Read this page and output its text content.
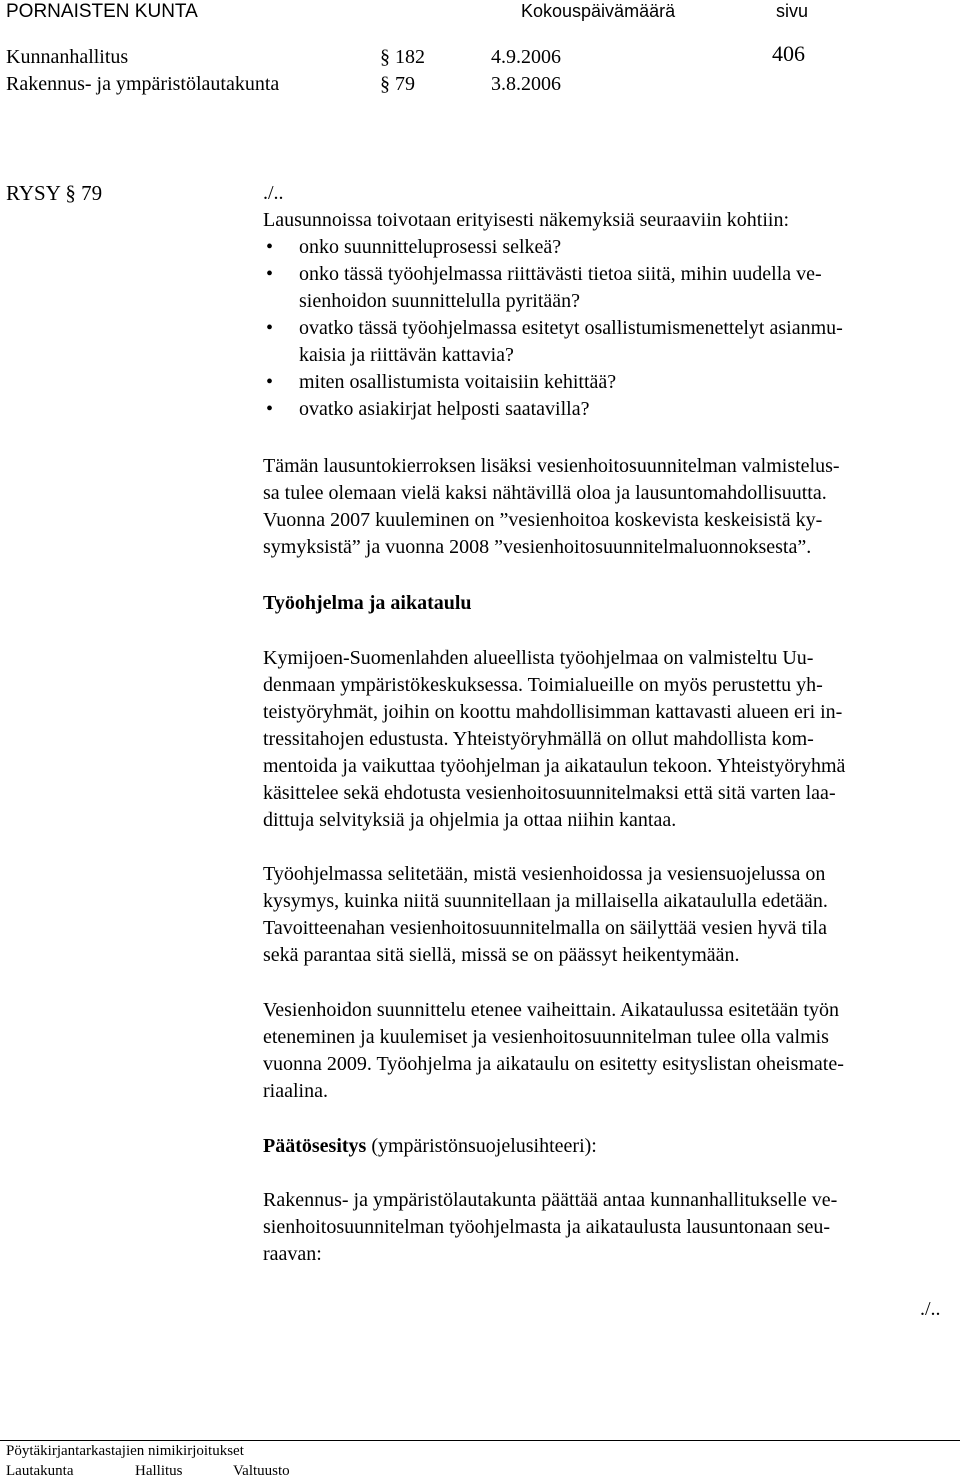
PORNAISTEN KUNTA	Kokouspäivämäärä	sivu
Kunnanhallitus	§ 182	4.9.2006	406
Rakennus- ja ympäristölautakunta	§ 79	3.8.2006
RYSY § 79	./..
Lausunnoissa toivotaan erityisesti näkemyksiä seuraaviin kohtiin:
• onko suunnitteluprosessi selkeä?
• onko tässä työohjelmassa riittävästi tietoa siitä, mihin uudella ve-
sienhoidon suunnittelulla pyritään?
• ovatko tässä työohjelmassa esitetyt osallistumismenettelyt asianmu-
kaisia ja riittävän kattavia?
• miten osallistumista voitaisiin kehittää?
• ovatko asiakirjat helposti saatavilla?
Tämän lausuntokierroksen lisäksi vesienhoitosuunnitelman valmistelus-
sa tulee olemaan vielä kaksi nähtävillä oloa ja lausuntomahdollisuutta.
Vuonna 2007 kuuleminen on ”vesienhoitoa koskevista keskeisistä ky-
symyksistä” ja vuonna 2008 ”vesienhoitosuunnitelmaluonnoksesta”.
Työohjelma ja aikataulu
Kymijoen-Suomenlahden alueellista työohjelmaa on valmisteltu Uu-
denmaan ympäristökeskuksessa. Toimialueille on myös perustettu yh-
teistyöryhmät, joihin on koottu mahdollisimman kattavasti alueen eri in-
tressitahojen edustusta. Yhteistyöryhmällä on ollut mahdollista kom-
mentoida ja vaikuttaa työohjelman ja aikataulun tekoon. Yhteistyöryhmä
käsittelee sekä ehdotusta vesienhoitosuunnitelmaksi että sitä varten laa-
dittuja selvityksiä ja ohjelmia ja ottaa niihin kantaa.
Työohjelmassa selitetään, mistä vesienhoidossa ja vesiensuojelussa on
kysymys, kuinka niitä suunnitellaan ja millaisella aikataululla edetään.
Tavoitteenahan vesienhoitosuunnitelmalla on säilyttää vesien hyvä tila
sekä parantaa sitä siellä, missä se on päässyt heikentymään.
Vesienhoidon suunnittelu etenee vaiheittain. Aikataulussa esitetään työn
eteneminen ja kuulemiset ja vesienhoitosuunnitelman tulee olla valmis
vuonna 2009. Työohjelma ja aikataulu on esitetty esityslistan oheismate-
riaalina.
Päätösesitys (ympäristönsuojelusihteeri):
Rakennus- ja ympäristölautakunta päättää antaa kunnanhallitukselle ve-
sienhoitosuunnitelman työohjelmasta ja aikataulusta lausuntonaan seu-
raavan:
./..
Pöytäkirjantarkastajien nimikirjoitukset
Lautakunta	Hallitus	Valtuusto
